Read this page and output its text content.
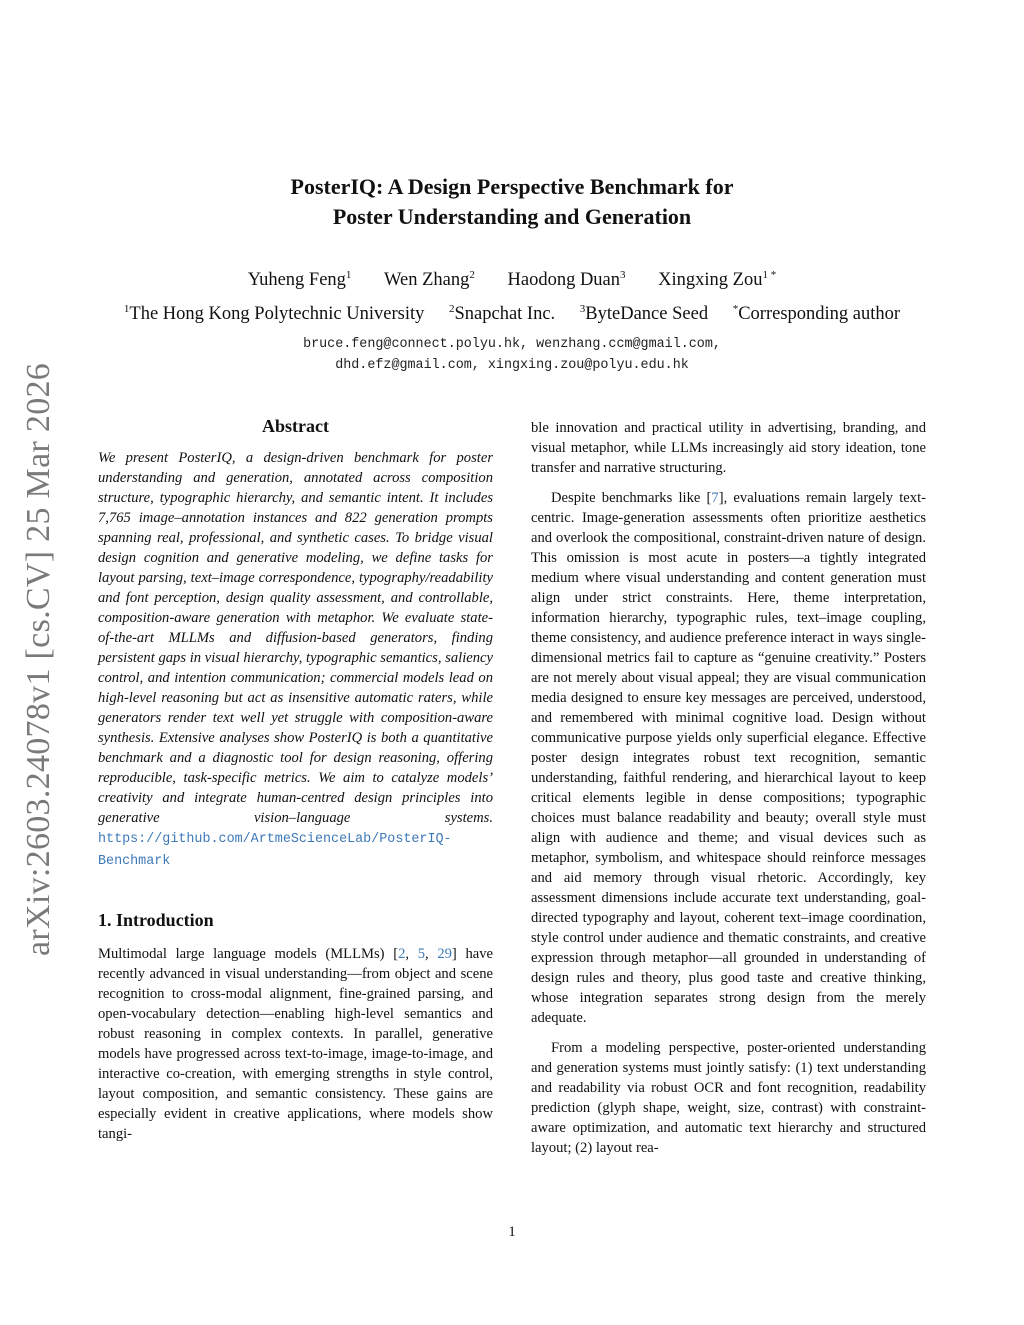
arXiv:2603.24078v1 [cs.CV] 25 Mar 2026
PosterIQ: A Design Perspective Benchmark for
Poster Understanding and Generation
Yuheng Feng$^1$ Wen Zhang$^2$ Haodong Duan$^3$ Xingxing Zou$^{1 *}$
$^1$The Hong Kong Polytechnic University $^2$Snapchat Inc. $^3$ByteDance Seed *Corresponding author
bruce.feng@connect.polyu.hk, wenzhang.ccm@gmail.com,
dhd.efz@gmail.com, xingxing.zou@polyu.edu.hk
Abstract
We present PosterIQ, a design-driven benchmark for poster understanding and generation, annotated across composition structure, typographic hierarchy, and semantic intent. It includes 7,765 image–annotation instances and 822 generation prompts spanning real, professional, and synthetic cases. To bridge visual design cognition and generative modeling, we define tasks for layout parsing, text–image correspondence, typography/readability and font perception, design quality assessment, and controllable, composition-aware generation with metaphor. We evaluate state-of-the-art MLLMs and diffusion-based generators, finding persistent gaps in visual hierarchy, typographic semantics, saliency control, and intention communication; commercial models lead on high-level reasoning but act as insensitive automatic raters, while generators render text well yet struggle with composition-aware synthesis. Extensive analyses show PosterIQ is both a quantitative benchmark and a diagnostic tool for design reasoning, offering reproducible, task-specific metrics. We aim to catalyze models’ creativity and integrate human-centred design principles into generative vision–language systems. https://github.com/ArtmeScienceLab/PosterIQ-Benchmark
1. Introduction
Multimodal large language models (MLLMs) [2, 5, 29] have recently advanced in visual understanding—from object and scene recognition to cross-modal alignment, fine-grained parsing, and open-vocabulary detection—enabling high-level semantics and robust reasoning in complex contexts. In parallel, generative models have progressed across text-to-image, image-to-image, and interactive co-creation, with emerging strengths in style control, layout composition, and semantic consistency. These gains are especially evident in creative applications, where models show tangi-
ble innovation and practical utility in advertising, branding, and visual metaphor, while LLMs increasingly aid story ideation, tone transfer and narrative structuring.
Despite benchmarks like [7], evaluations remain largely text-centric. Image-generation assessments often prioritize aesthetics and overlook the compositional, constraint-driven nature of design. This omission is most acute in posters—a tightly integrated medium where visual understanding and content generation must align under strict constraints. Here, theme interpretation, information hierarchy, typographic rules, text–image coupling, theme consistency, and audience preference interact in ways single-dimensional metrics fail to capture as “genuine creativity.” Posters are not merely about visual appeal; they are visual communication media designed to ensure key messages are perceived, understood, and remembered with minimal cognitive load. Design without communicative purpose yields only superficial elegance. Effective poster design integrates robust text recognition, semantic understanding, faithful rendering, and hierarchical layout to keep critical elements legible in dense compositions; typographic choices must balance readability and beauty; overall style must align with audience and theme; and visual devices such as metaphor, symbolism, and whitespace should reinforce messages and aid memory through visual rhetoric. Accordingly, key assessment dimensions include accurate text understanding, goal-directed typography and layout, coherent text–image coordination, style control under audience and thematic constraints, and creative expression through metaphor—all grounded in understanding of design rules and theory, plus good taste and creative thinking, whose integration separates strong design from the merely adequate.
From a modeling perspective, poster-oriented understanding and generation systems must jointly satisfy: (1) text understanding and readability via robust OCR and font recognition, readability prediction (glyph shape, weight, size, contrast) with constraint-aware optimization, and automatic text hierarchy and structured layout; (2) layout rea-
1
